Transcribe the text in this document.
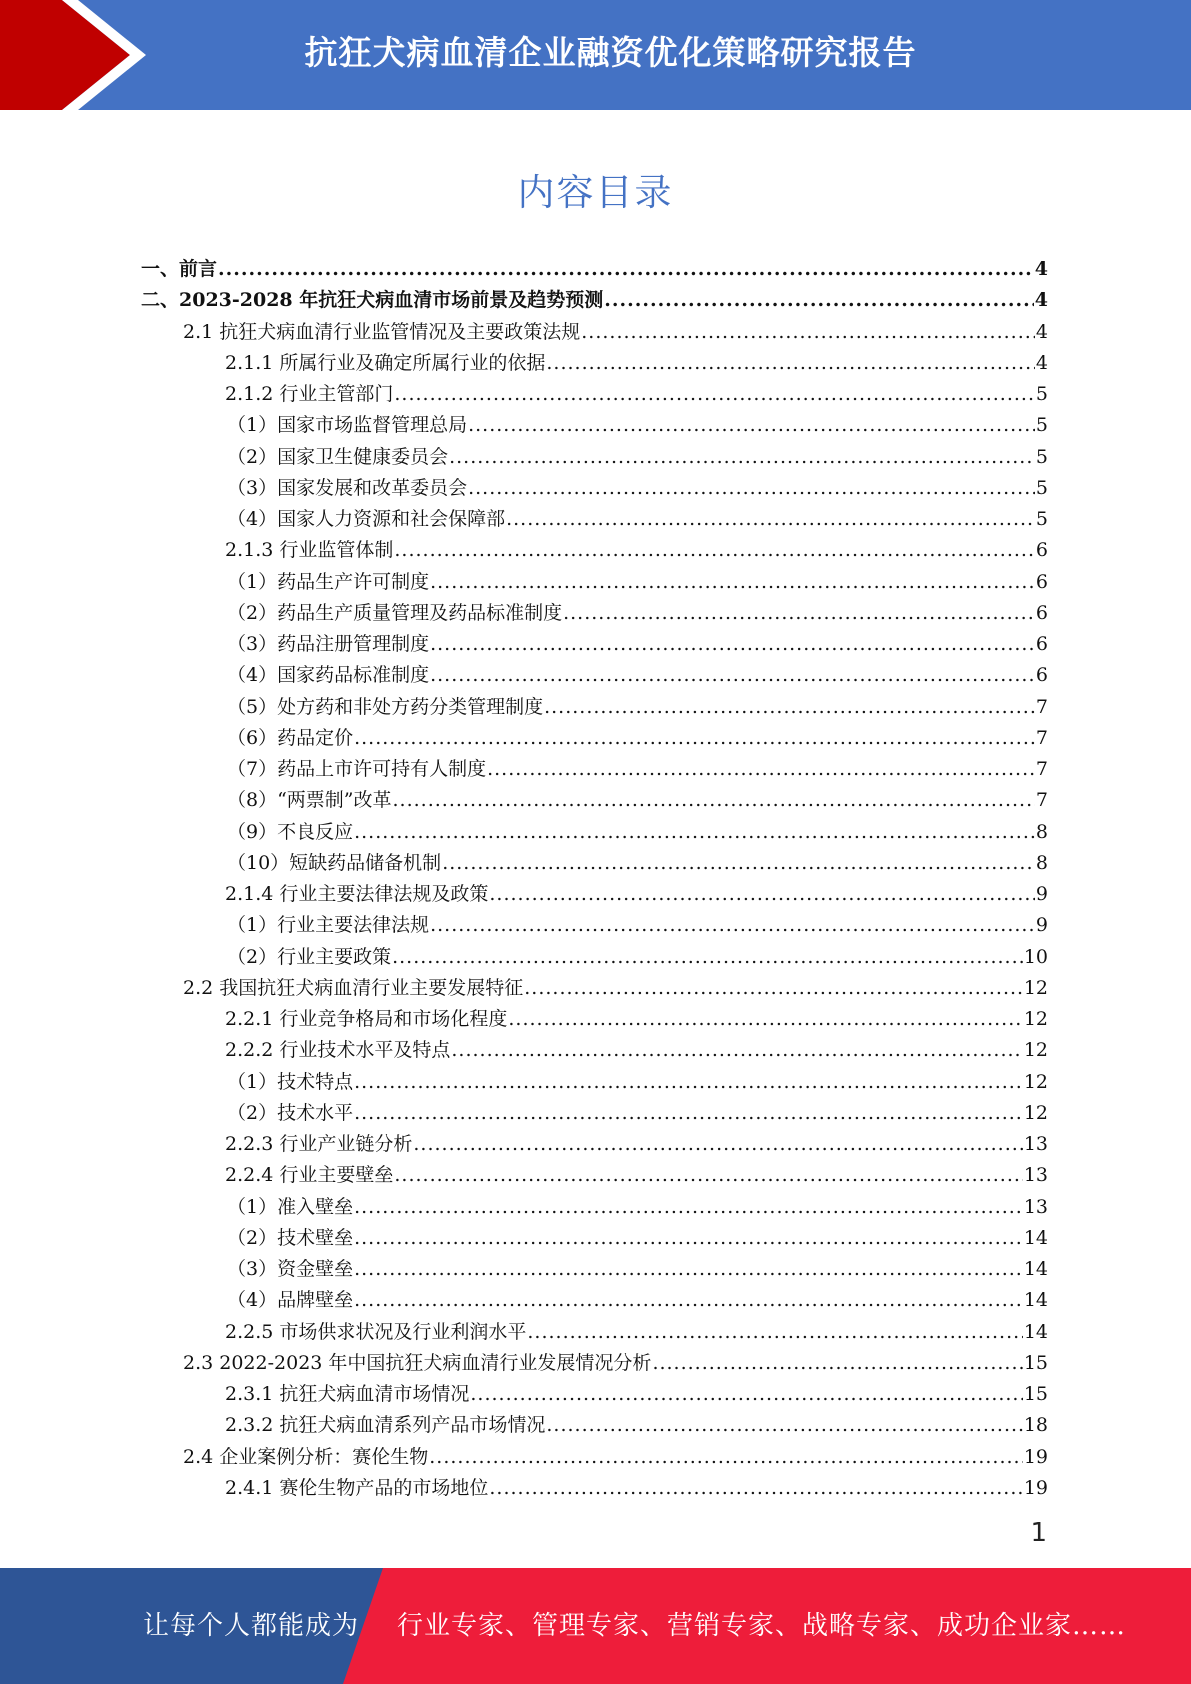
抗狂犬病血清企业融资优化策略研究报告
内容目录
一、前言 .....	4
二、2023-2028 年抗狂犬病血清市场前景及趋势预测 .....	4
2.1 抗狂犬病血清行业监管情况及主要政策法规 .....	4
2.1.1 所属行业及确定所属行业的依据 .....	4
2.1.2 行业主管部门 .....	5
（1）国家市场监督管理总局 .....	5
（2）国家卫生健康委员会 .....	5
（3）国家发展和改革委员会 .....	5
（4）国家人力资源和社会保障部 .....	5
2.1.3 行业监管体制 .....	6
（1）药品生产许可制度 .....	6
（2）药品生产质量管理及药品标准制度 .....	6
（3）药品注册管理制度 .....	6
（4）国家药品标准制度 .....	6
（5）处方药和非处方药分类管理制度 .....	7
（6）药品定价 .....	7
（7）药品上市许可持有人制度 .....	7
（8）“两票制”改革 .....	7
（9）不良反应 .....	8
（10）短缺药品储备机制 .....	8
2.1.4 行业主要法律法规及政策 .....	9
（1）行业主要法律法规 .....	9
（2）行业主要政策 .....	10
2.2 我国抗狂犬病血清行业主要发展特征 .....	12
2.2.1 行业竞争格局和市场化程度 .....	12
2.2.2 行业技术水平及特点 .....	12
（1）技术特点 .....	12
（2）技术水平 .....	12
2.2.3 行业产业链分析 .....	13
2.2.4 行业主要壁垒 .....	13
（1）准入壁垒 .....	13
（2）技术壁垒 .....	14
（3）资金壁垒 .....	14
（4）品牌壁垒 .....	14
2.2.5 市场供求状况及行业利润水平 .....	14
2.3 2022-2023 年中国抗狂犬病血清行业发展情况分析 .....	15
2.3.1 抗狂犬病血清市场情况 .....	15
2.3.2 抗狂犬病血清系列产品市场情况 .....	18
2.4 企业案例分析：赛伦生物 .....	19
2.4.1 赛伦生物产品的市场地位 .....	19
1
让每个人都能成为 行业专家、管理专家、营销专家、战略专家、成功企业家……
